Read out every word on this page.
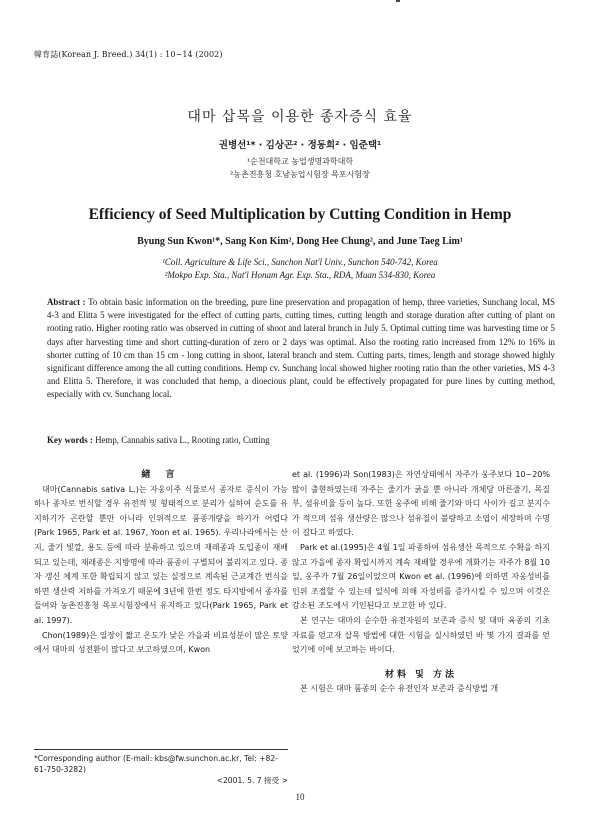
韓育誌(Korean J. Breed.) 34(1) : 10~14 (2002)
대마 삽목을 이용한 종자증식 효율
권병선¹* · 김상곤² · 정동희² · 임준택¹
¹순천대학교 농업생명과학대학
²농촌진흥청 호남농업시험장 목포시험장
Efficiency of Seed Multiplication by Cutting Condition in Hemp
Byung Sun Kwon¹*, Sang Kon Kim², Dong Hee Chung², and June Taeg Lim¹
¹Coll. Agriculture & Life Sci., Sunchon Nat'l Univ., Sunchon 540-742, Korea
²Mokpo Exp. Sta., Nat'l Honam Agr. Exp. Sta., RDA, Muan 534-830, Korea
Abstract : To obtain basic information on the breeding, pure line preservation and propagation of hemp, three varieties, Sunchang local, MS 4-3 and Elitta 5 were investigated for the effect of cutting parts, cutting times, cutting length and storage duration after cutting of plant on rooting ratio. Higher rooting ratio was observed in cutting of shoot and lateral branch in July 5. Optimal cutting time was harvesting time or 5 days after harvesting time and short cutting-duration of zero or 2 days was optimal. Also the rooting ratio increased from 12% to 16% in shorter cutting of 10 cm than 15 cm - long cutting in shoot, lateral branch and stem. Cutting parts, times, length and storage showed highly significant difference among the all cutting conditions. Hemp cv. Sunchang local showed higher rooting ratio than the other varieties, MS 4-3 and Elitta 5. Therefore, it was concluded that hemp, a dioecious plant, could be effectively propagated for pure lines by cutting method, especially with cv. Sunchang local.
Key words : Hemp, Cannabis sativa L., Rooting ratio, Cutting

緖 言

대마(Cannabis sativa L.)는 자웅이주 식물로서 종자로 증식이 가능하나 종자로 번식할 경우 유전적 및 형태적으로 분리가 심하여 순도를 유지하기가 곤란할 뿐만 아니라 인위적으로 품종개량을 하기가 어렵다(Park 1965, Park et al. 1967, Yoon et al. 1965). 우리나라에서는 산지, 줄기 빛깔, 용도 등에 따라 분류하고 있으며 재래종과 도입종이 재배되고 있는데, 재래종은 지방명에 따라 품종이 구별되어 불리지고 있다. 종자 갱신 체계 또한 확립되지 않고 있는 실정으로 계속된 근교계간 번식을 하면 생산력 저하를 가져오기 때문에 3년에 한번 정도 타지방에서 종자를 들여와 농촌진흥청 목포시험장에서 유지하고 있다(Park 1965, Park et al. 1997).

Chon(1989)은 일장이 짧고 온도가 낮은 가을과 비료성분이 많은 토양에서 대마의 성전환이 많다고 보고하였으며, Kwon

et al. (1996)과 Son(1983)은 자연상태에서 자주가 웅주보다 10~20% 많이 출현하였는데 자주는 줄기가 굵을 뿐 아니라 개체당 마른줄기, 목질부, 섬유비율 등이 높다. 또한 웅주에 비해 줄기와 마디 사이가 길고 분지수가 적으며 섬유 생산량은 많으나 섬유질이 불량하고 소엽이 세장하며 수명이 길다고 하였다.

Park et al.(1995)은 4월 1일 파종하여 섬유생산 목적으로 수확을 하지 않고 가을에 종자 확입시까지 계속 재배할 경우에 개화기는 자주가 8월 10일, 웅주가 7월 26일이었으며 Kwon et al. (1996)에 의하면 자웅성비를 인위 조절할 수 있는데 일식에 의해 자성비를 증가시킬 수 있으며 이것은 감소된 조도에서 기인된다고 보고한 바 있다.

본 연구는 대마의 순수한 유전자원의 보존과 증식 및 대마 육종의 기초 자료를 얻고자 삽목 방법에 대한 시험을 실시하였던 바 몇 가지 결과를 얻었기에 이에 보고하는 바이다.

材料 및 方法

본 시험은 대마 품종의 순수 유전인자 보존과 증식방법 개

*Corresponding author (E-mail: kbs@fw.sunchon.ac.kr, Tel: +82-61-750-3282)
<2001. 5. 7 接受 >
10
